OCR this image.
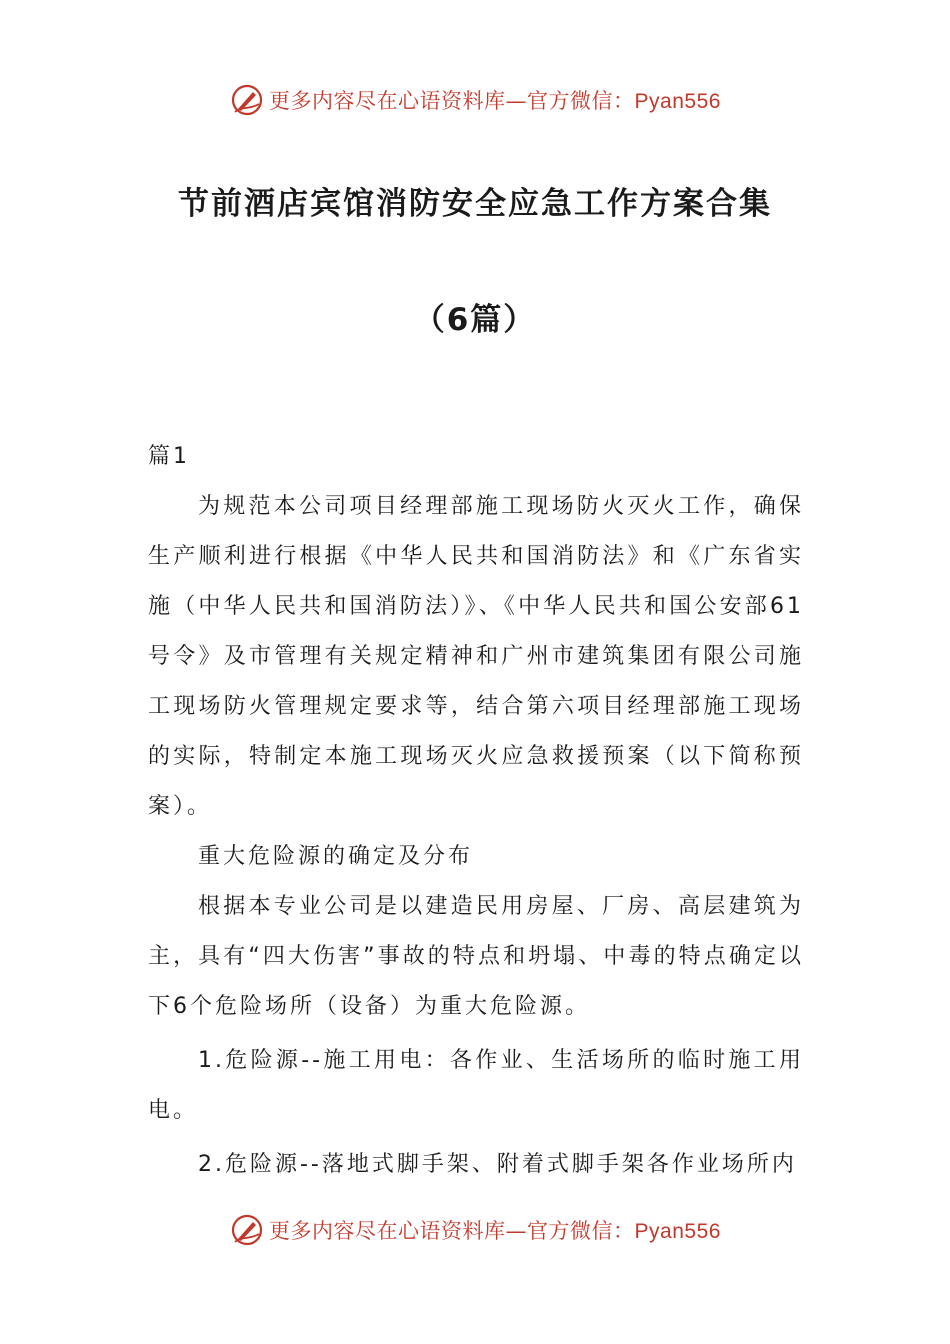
更多内容尽在心语资料库—官方微信：Pyan556
节前酒店宾馆消防安全应急工作方案合集
（6篇）

篇1

为规范本公司项目经理部施工现场防火灭火工作，确保生产顺利进行根据《中华人民共和国消防法》和《广东省实施（中华人民共和国消防法）》、《中华人民共和国公安部61号令》及市管理有关规定精神和广州市建筑集团有限公司施工现场防火管理规定要求等，结合第六项目经理部施工现场的实际，特制定本施工现场灭火应急救援预案（以下简称预案）。

重大危险源的确定及分布

根据本专业公司是以建造民用房屋、厂房、高层建筑为主，具有“四大伤害”事故的特点和坍塌、中毒的特点确定以下6个危险场所（设备）为重大危险源。

1.危险源--施工用电：各作业、生活场所的临时施工用电。

2.危险源--落地式脚手架、附着式脚手架各作业场所内

更多内容尽在心语资料库—官方微信：Pyan556
